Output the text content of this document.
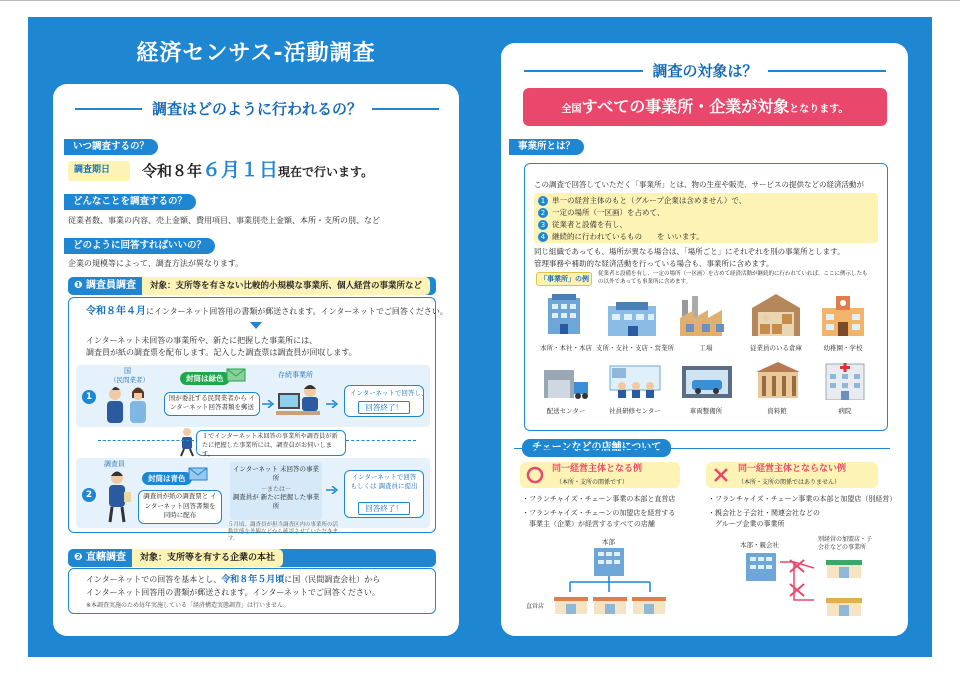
経済センサス‐活動調査
調査はどのように行われるの？
いつ調査するの？
調査期日 令和８年６月１日現在で行います。
どんなことを調査するの？
従業者数、事業の内容、売上金額、費用項目、事業別売上金額、本所・支所の別、など
どのように回答すればいいの？
企業の規模等によって、調査方法が異なります。
❶ 調査員調査 対象：支所等を有さない比較的小規模な事業所、個人経営の事業所など
令和８年４月にインターネット回答用の書類が郵送されます。インターネットでご回答ください。
インターネット未回答の事業所や、新たに把握した事業所には、
調査員が紙の調査票を配布します。記入した調査票は調査員が回収します。
1
国
（民間業者）	封筒は緑色
国が委託する民間業者から インターネット回答書類を郵送
存続事業所
インターネットで回答し、
回答終了！
１でインターネット未回答の事業所や調査員が新たに把握した事業所には、調査員がお伺いします。
2
調査員
封筒は青色
調査員が紙の調査票と インターネット回答書類を 同時に配布
インターネット 未回答の事業所
－または－
調査員が 新たに把握した事業所
インターネットで回答 もしくは 調査員に提出
回答終了！
５月頃、調査員が担当調査区内の事業所の活動状態を外観などから確認させていただきます。
❷ 直轄調査 対象：支所等を有する企業の本社
インターネットでの回答を基本とし、令和８年５月頃に国（民間調査会社）から
インターネット回答用の書類が郵送されます。インターネットでご回答ください。
※本調査実施のため毎年実施している「経済構造実態調査」は行いません。
調査の対象は？
全国すべての事業所・企業が対象となります。
事業所とは？
この調査で回答していただく「事業所」とは、物の生産や販売、サービスの提供などの経済活動が
1 単一の経営主体のもと（グループ企業は含めません）で、
2 一定の場所（一区画）を占めて、
3 従業者と設備を有し、
4 継続的に行われているもの　　を いいます。
同じ組織であっても、場所が異なる場合は、「場所ごと」にそれぞれを別の事業所とします。
管理事務や補助的な経済活動を行っている場合も、事業所に含めます。
「事業所」の例
従業者と設備を有し、一定の場所（一区画）を占めて経済活動が継続的に行われていれば、ここに例示したもの以外であっても事業所に含めます。
本所・本社・本店 支所・支社・支店・営業所	工場	従業員のいる倉庫	幼稚園・学校
配送センター	社員研修センター	車両整備所	資料館	病院
チェーンなどの店舗について
同一経営主体となる例
（本所・支所の関係です）
・フランチャイズ・チェーン事業の本部と直営店
・フランチャイズ・チェーンの加盟店を経営する
　事業主（企業）が経営するすべての店舗
本部
直営店
同一経営主体とならない例
（本所・支所の関係ではありません）
・フランチャイズ・チェーン事業の本部と加盟店（別経営）
・親会社と子会社・関連会社などの
　グループ企業の事業所
本部・親会社
別経営の加盟店・子会社などの事業所
